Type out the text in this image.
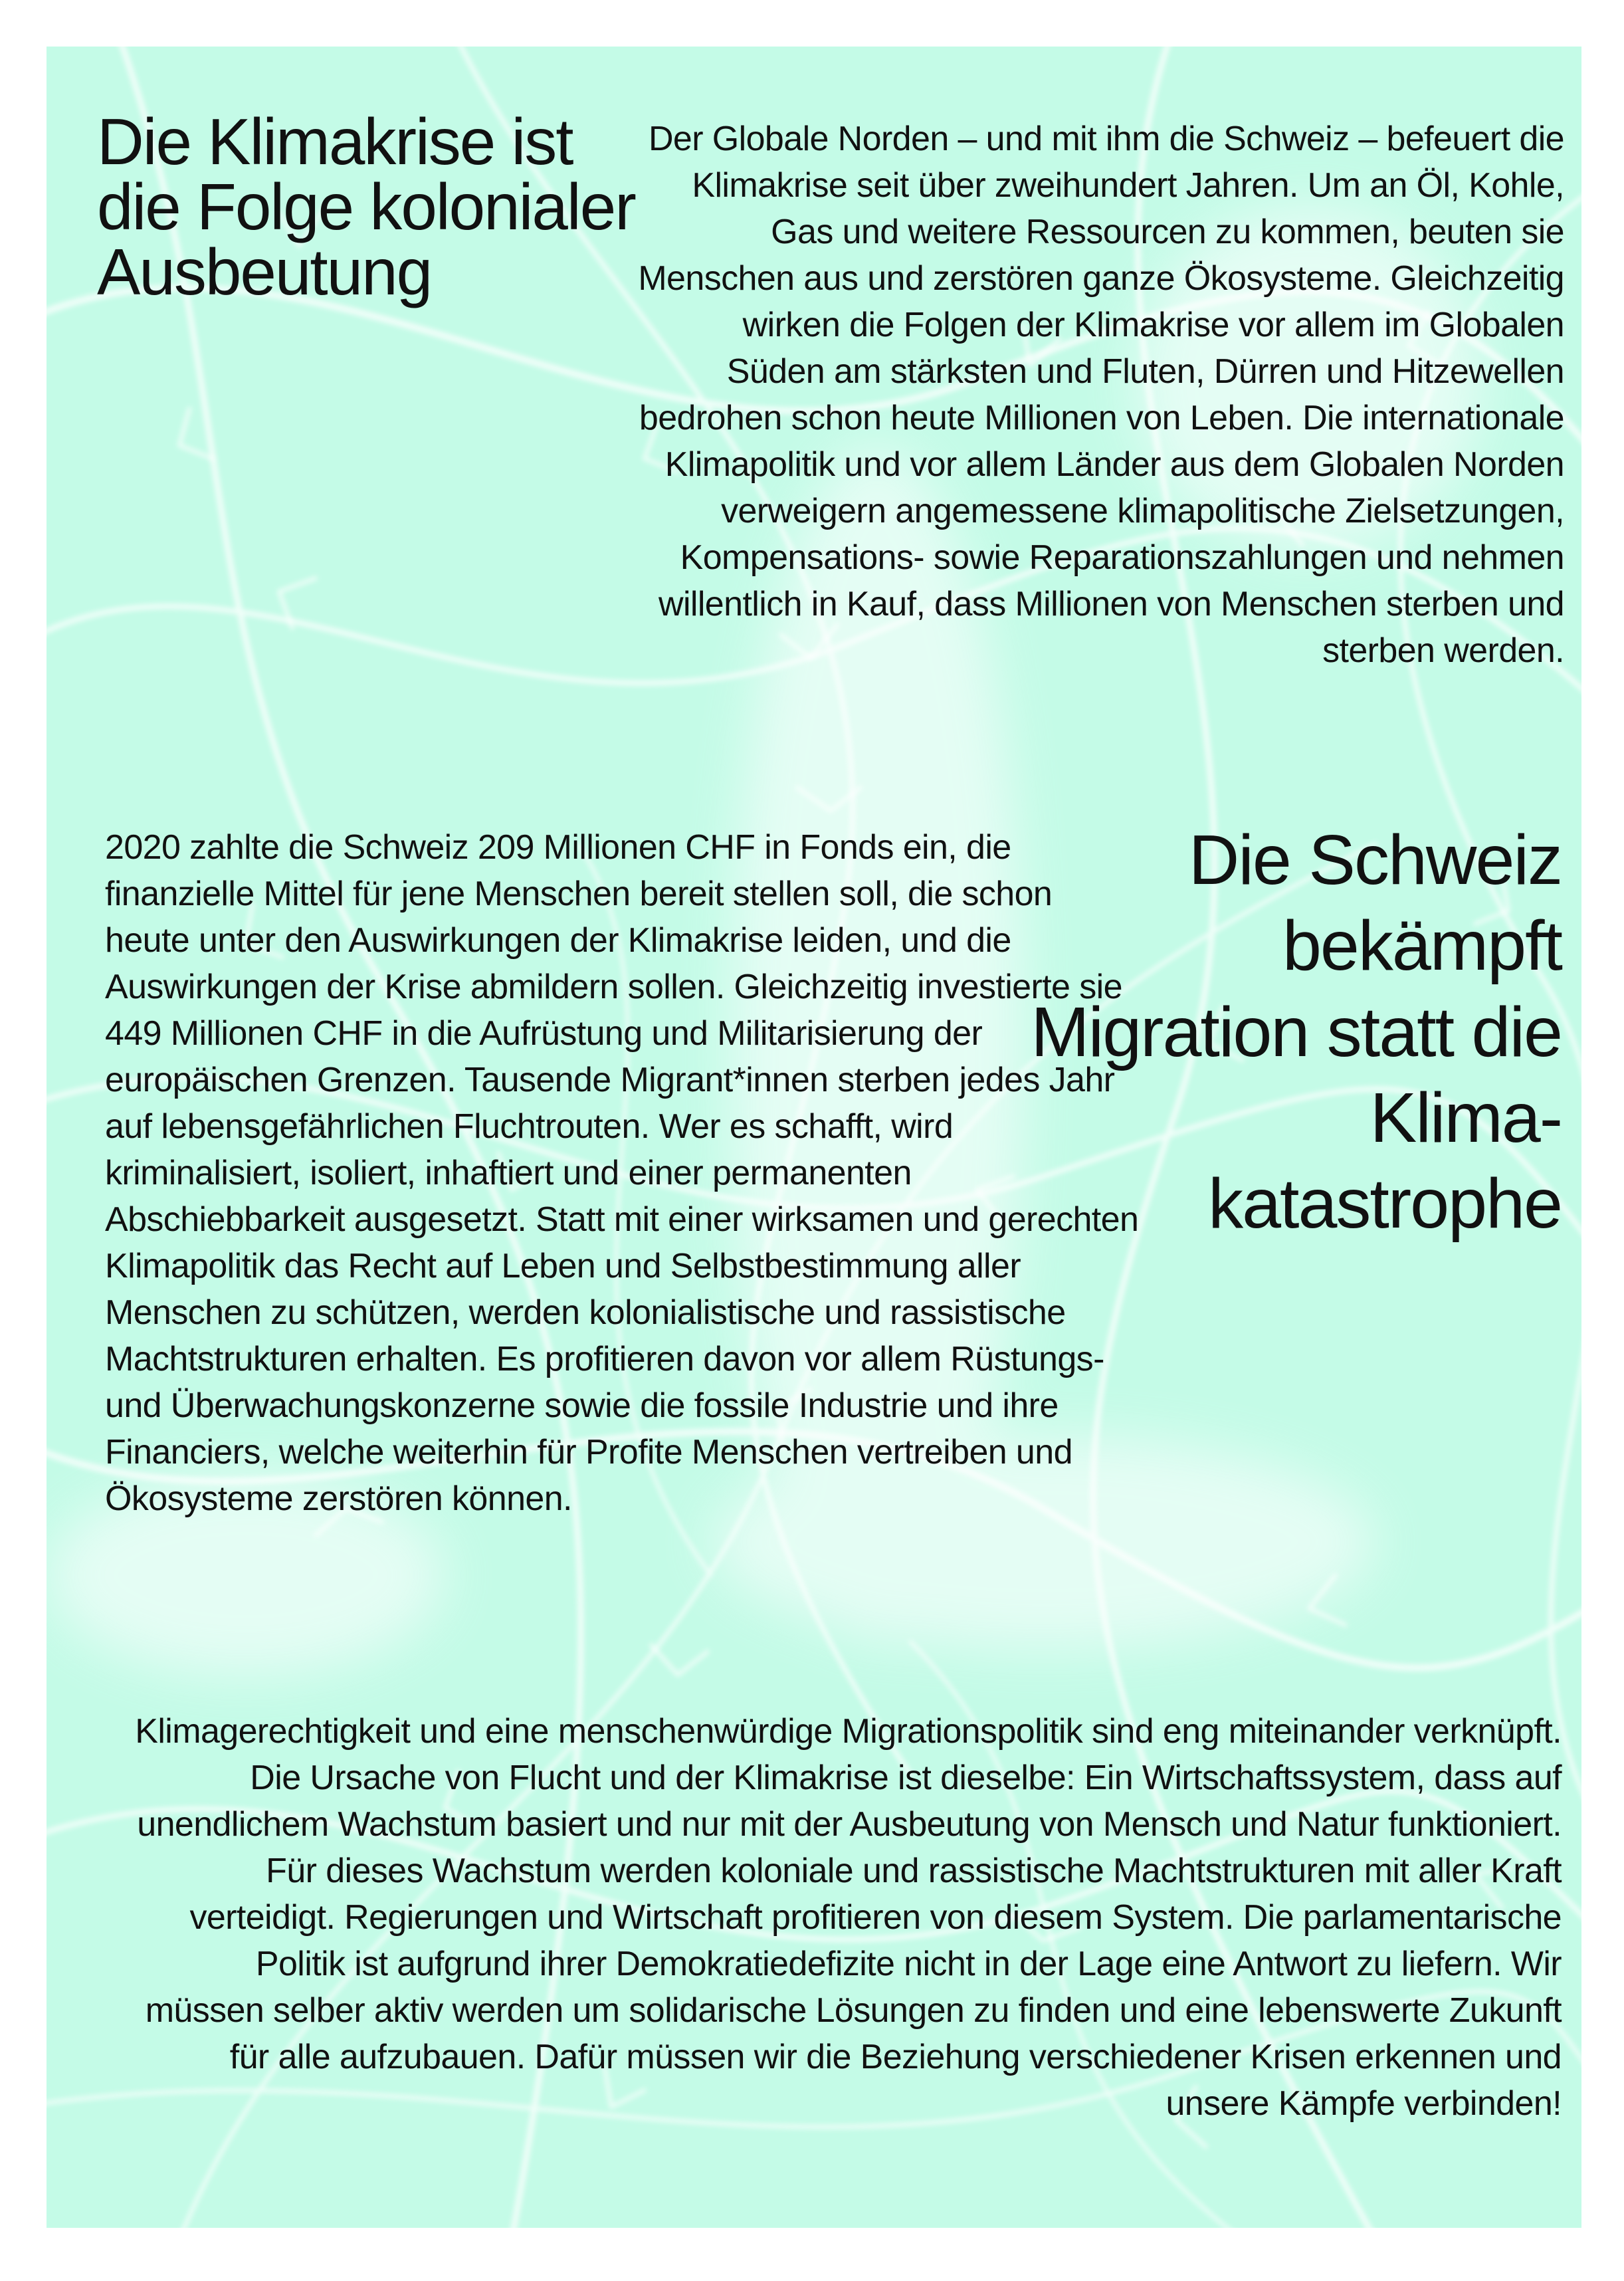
Die Klimakrise ist die Folge kolonialer Ausbeutung

Der Globale Norden – und mit ihm die Schweiz – befeuert die Klimakrise seit über zweihundert Jahren. Um an Öl, Kohle, Gas und weitere Ressourcen zu kommen, beuten sie Menschen aus und zerstören ganze Ökosysteme. Gleichzeitig wirken die Folgen der Klimakrise vor allem im Globalen Süden am stärksten und Fluten, Dürren und Hitzewellen bedrohen schon heute Millionen von Leben. Die internationale Klimapolitik und vor allem Länder aus dem Globalen Norden verweigern angemessene klimapolitische Zielsetzungen, Kompensations- sowie Reparationszahlungen und nehmen willentlich in Kauf, dass Millionen von Menschen sterben und sterben werden.

2020 zahlte die Schweiz 209 Millionen CHF in Fonds ein, die finanzielle Mittel für jene Menschen bereit stellen soll, die schon heute unter den Auswirkungen der Klimakrise leiden, und die Auswirkungen der Krise abmildern sollen. Gleichzeitig investierte sie 449 Millionen CHF in die Aufrüstung und Militarisierung der europäischen Grenzen. Tausende Migrant*innen sterben jedes Jahr auf lebensgefährlichen Fluchtrouten. Wer es schafft, wird kriminalisiert, isoliert, inhaftiert und einer permanenten Abschiebbarkeit ausgesetzt. Statt mit einer wirksamen und gerechten Klimapolitik das Recht auf Leben und Selbstbestimmung aller Menschen zu schützen, werden kolonialistische und rassistische Machtstrukturen erhalten. Es profitieren davon vor allem Rüstungs- und Überwachungskonzerne sowie die fossile Industrie und ihre Financiers, welche weiterhin für Profite Menschen vertreiben und Ökosysteme zerstören können.

Die Schweiz bekämpft Migration statt die Klima-katastrophe

Klimagerechtigkeit und eine menschenwürdige Migrationspolitik sind eng miteinander verknüpft. Die Ursache von Flucht und der Klimakrise ist dieselbe: Ein Wirtschaftssystem, dass auf unendlichem Wachstum basiert und nur mit der Ausbeutung von Mensch und Natur funktioniert. Für dieses Wachstum werden koloniale und rassistische Machtstrukturen mit aller Kraft verteidigt. Regierungen und Wirtschaft profitieren von diesem System. Die parlamentarische Politik ist aufgrund ihrer Demokratiedefizite nicht in der Lage eine Antwort zu liefern. Wir müssen selber aktiv werden um solidarische Lösungen zu finden und eine lebenswerte Zukunft für alle aufzubauen. Dafür müssen wir die Beziehung verschiedener Krisen erkennen und unsere Kämpfe verbinden!
